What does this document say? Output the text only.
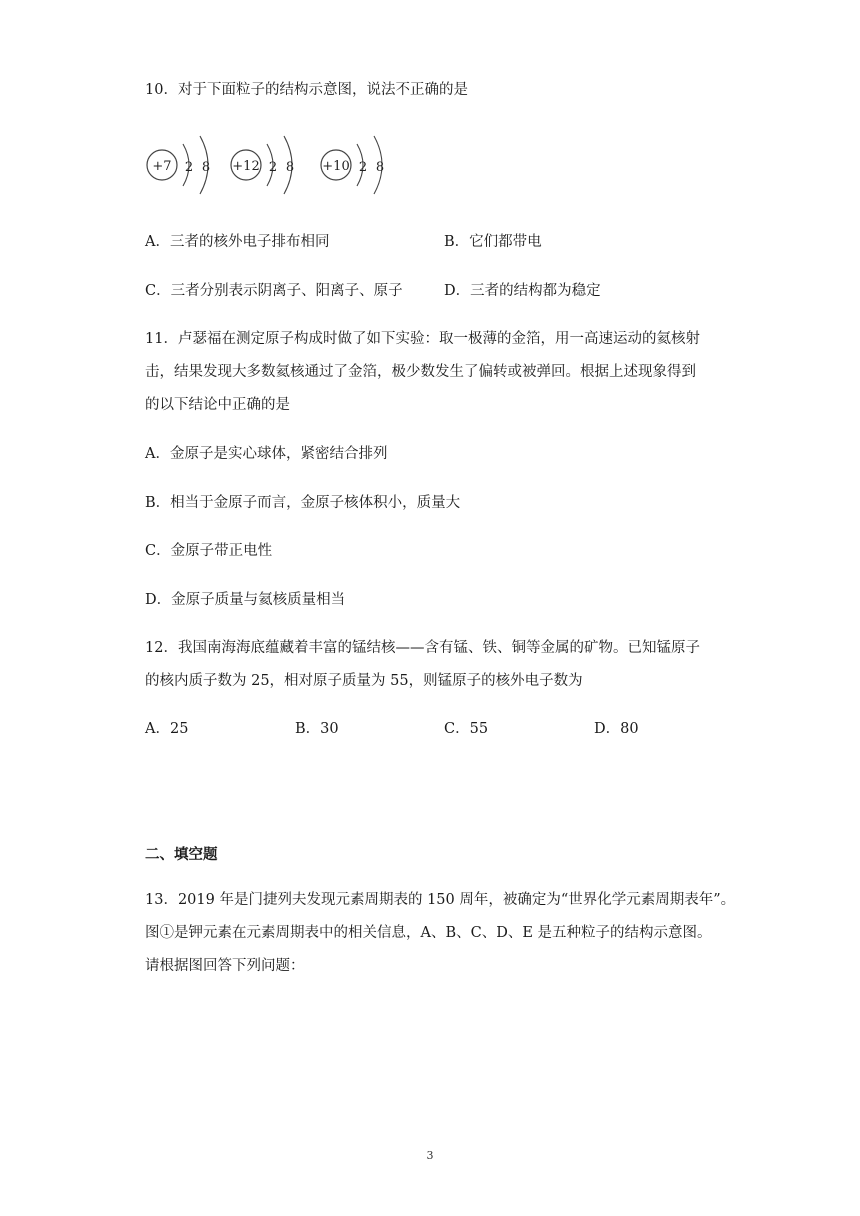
10．对于下面粒子的结构示意图，说法不正确的是
+7 2 8 +12 2 8 +10 2 8
A．三者的核外电子排布相同	B．它们都带电
C．三者分别表示阴离子、阳离子、原子	D．三者的结构都为稳定
11．卢瑟福在测定原子构成时做了如下实验：取一极薄的金箔，用一高速运动的氦核射
击，结果发现大多数氦核通过了金箔，极少数发生了偏转或被弹回。根据上述现象得到
的以下结论中正确的是
A．金原子是实心球体，紧密结合排列
B．相当于金原子而言，金原子核体积小，质量大
C．金原子带正电性
D．金原子质量与氦核质量相当
12．我国南海海底蕴藏着丰富的锰结核——含有锰、铁、铜等金属的矿物。已知锰原子
的核内质子数为 25，相对原子质量为 55，则锰原子的核外电子数为
A．25	B．30	C．55	D．80
二、填空题
13．2019 年是门捷列夫发现元素周期表的 150 周年，被确定为“世界化学元素周期表年”。
图①是钾元素在元素周期表中的相关信息，A、B、C、D、E 是五种粒子的结构示意图。
请根据图回答下列问题：
3
